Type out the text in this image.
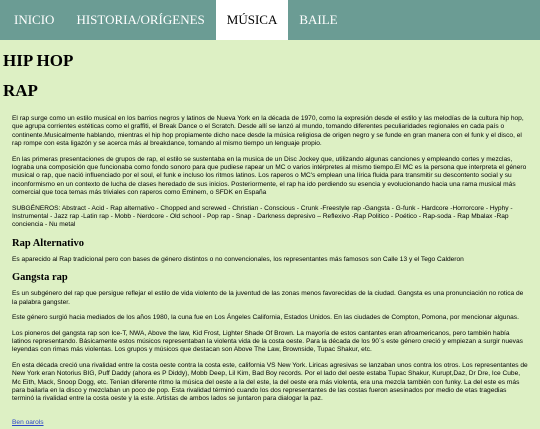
INICIO	HISTORIA/ORÍGENES	MÚSICA	BAILE
HIP HOP
RAP

El rap surge como un estilo musical en los barrios negros y latinos de Nueva York en la década de 1970, como la expresión desde el estilo y las melodías de la cultura hip hop, que agrupa corrientes estéticas como el graffiti, el Break Dance o el Scratch. Desde allí se lanzó al mundo, tomando diferentes peculiaridades regionales en cada país o continente.Musicalmente hablando, mientras el hip hop propiamente dicho nace desde la música religiosa de origen negro y se funde en gran manera con el funk y el disco, el rap rompe con esta ligazón y se acerca más al breakdance, tomando al mismo tiempo un lenguaje propio.

En las primeras presentaciones de grupos de rap, el estilo se sustentaba en la musica de un Disc Jockey que, utilizando algunas canciones y empleando cortes y mezclas, lograba una composición que funcionaba como fondo sonoro para que pudiese rapear un MC o varios intérpretes al mismo tiempo.El MC es la persona que interpreta el género musical o rap, que nació influenciado por el soul, el funk e incluso los ritmos latinos. Los raperos o MC's emplean una lírica fluida para transmitir su descontento social y su inconformismo en un contexto de lucha de clases heredado de sus inicios. Posteriormente, el rap ha ido perdiendo su esencia y evolucionando hacia una rama musical más comercial que toca temas más triviales con raperos como Eminem, o SFDK en España

SUBGÉNEROS: Abstract - Acid - Rap alternativo - Chopped and screwed - Christian - Conscious - Crunk -Freestyle rap -Gangsta - G-funk - Hardcore -Horrorcore - Hyphy - Instrumental - Jazz rap -Latin rap - Mobb - Nerdcore - Old school - Pop rap - Snap - Darkness depresivo – Reflexivo -Rap Politico - Poético - Rap-soda - Rap Mbalax -Rap conciencia - Nu metal

Rap Alternativo

Es aparecido al Rap tradicional pero con bases de género distintos o no convencionales, los representantes más famosos son Calle 13 y el Tego Calderon

Gangsta rap

Es un subgénero del rap que persigue reflejar el estilo de vida violento de la juventud de las zonas menos favorecidas de la ciudad. Gangsta es una pronunciación no rotica de la palabra gangster.

Este género surgió hacia mediados de los años 1980, la cuna fue en Los Ángeles California, Estados Unidos. En las ciudades de Compton, Pomona, por mencionar algunas.

Los pioneros del gangsta rap son Ice-T, NWA, Above the law, Kid Frost, Lighter Shade Of Brown. La mayoría de estos cantantes eran afroamericanos, pero también había latinos representando. Básicamente estos músicos representaban la violenta vida de la costa oeste. Para la década de los 90´s este género creció y empiezan a surgir nuevas leyendas con rimas más violentas. Los grupos y músicos que destacan son Above The Law, Brownside, Tupac Shakur, etc.

En esta década creció una rivalidad entre la costa oeste contra la costa este, california VS New York. Liricas agresivas se lanzaban unos contra los otros. Los representantes de New York eran Notorius BIG, Puff Daddy (ahora es P Diddy), Mobb Deep, Lil Kim, Bad Boy records. Por el lado del oeste estaba Tupac Shakur, Kurupt,Daz, Dr Dre, Ice Cube, Mc Eith, Mack, Snoop Dogg, etc. Tenían diferente ritmo la música del oeste a la del este, la del oeste era más violenta, era una mezcla también con funky. La del este es más para bailarla en la disco y mezclaban un poco de pop. Esta rivalidad términó cuando los dos representantes de las costas fueron asesinados por medio de etas tragedias terminó la rivalidad entre la costa oeste y la este. Artistas de ambos lados se juntaron para dialogar la paz.

Ben oarols
